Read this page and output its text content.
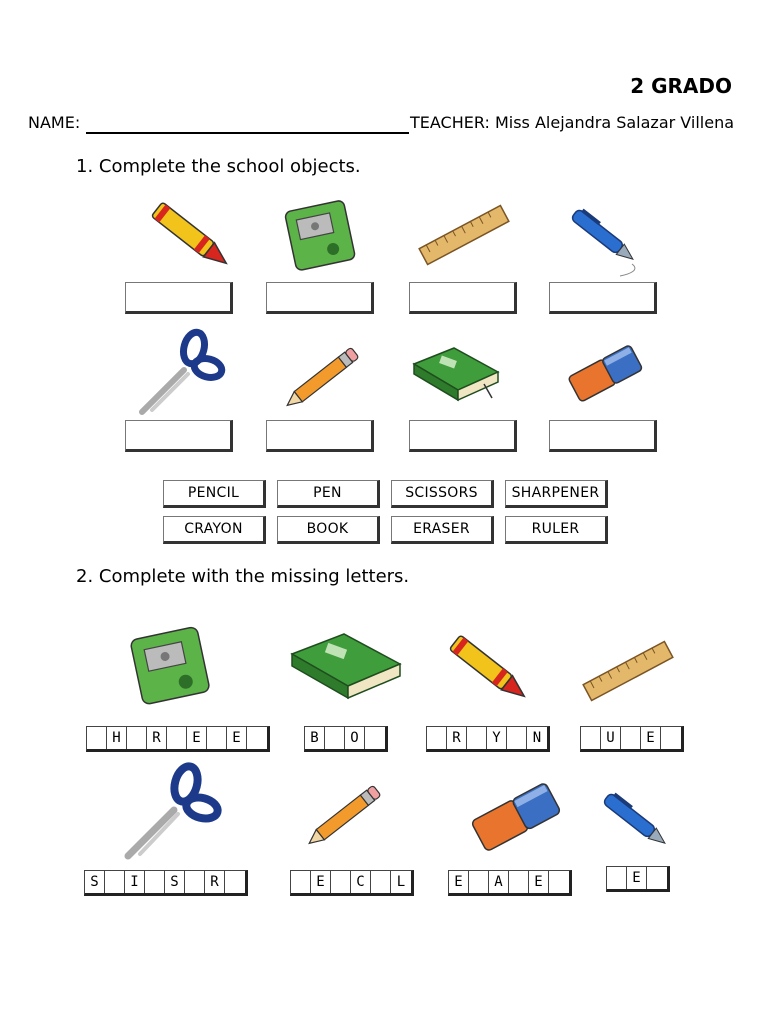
2 GRADO
NAME:	TEACHER: Miss Alejandra Salazar Villena
1. Complete the school objects.
PENCIL	PEN	SCISSORS	SHARPENER
CRAYON	BOOK	ERASER	RULER
2. Complete with the missing letters.
H	R	E	E	B	O	R	Y	N	U	E
S	I	S	R	E	C	L	E	A	E	E
